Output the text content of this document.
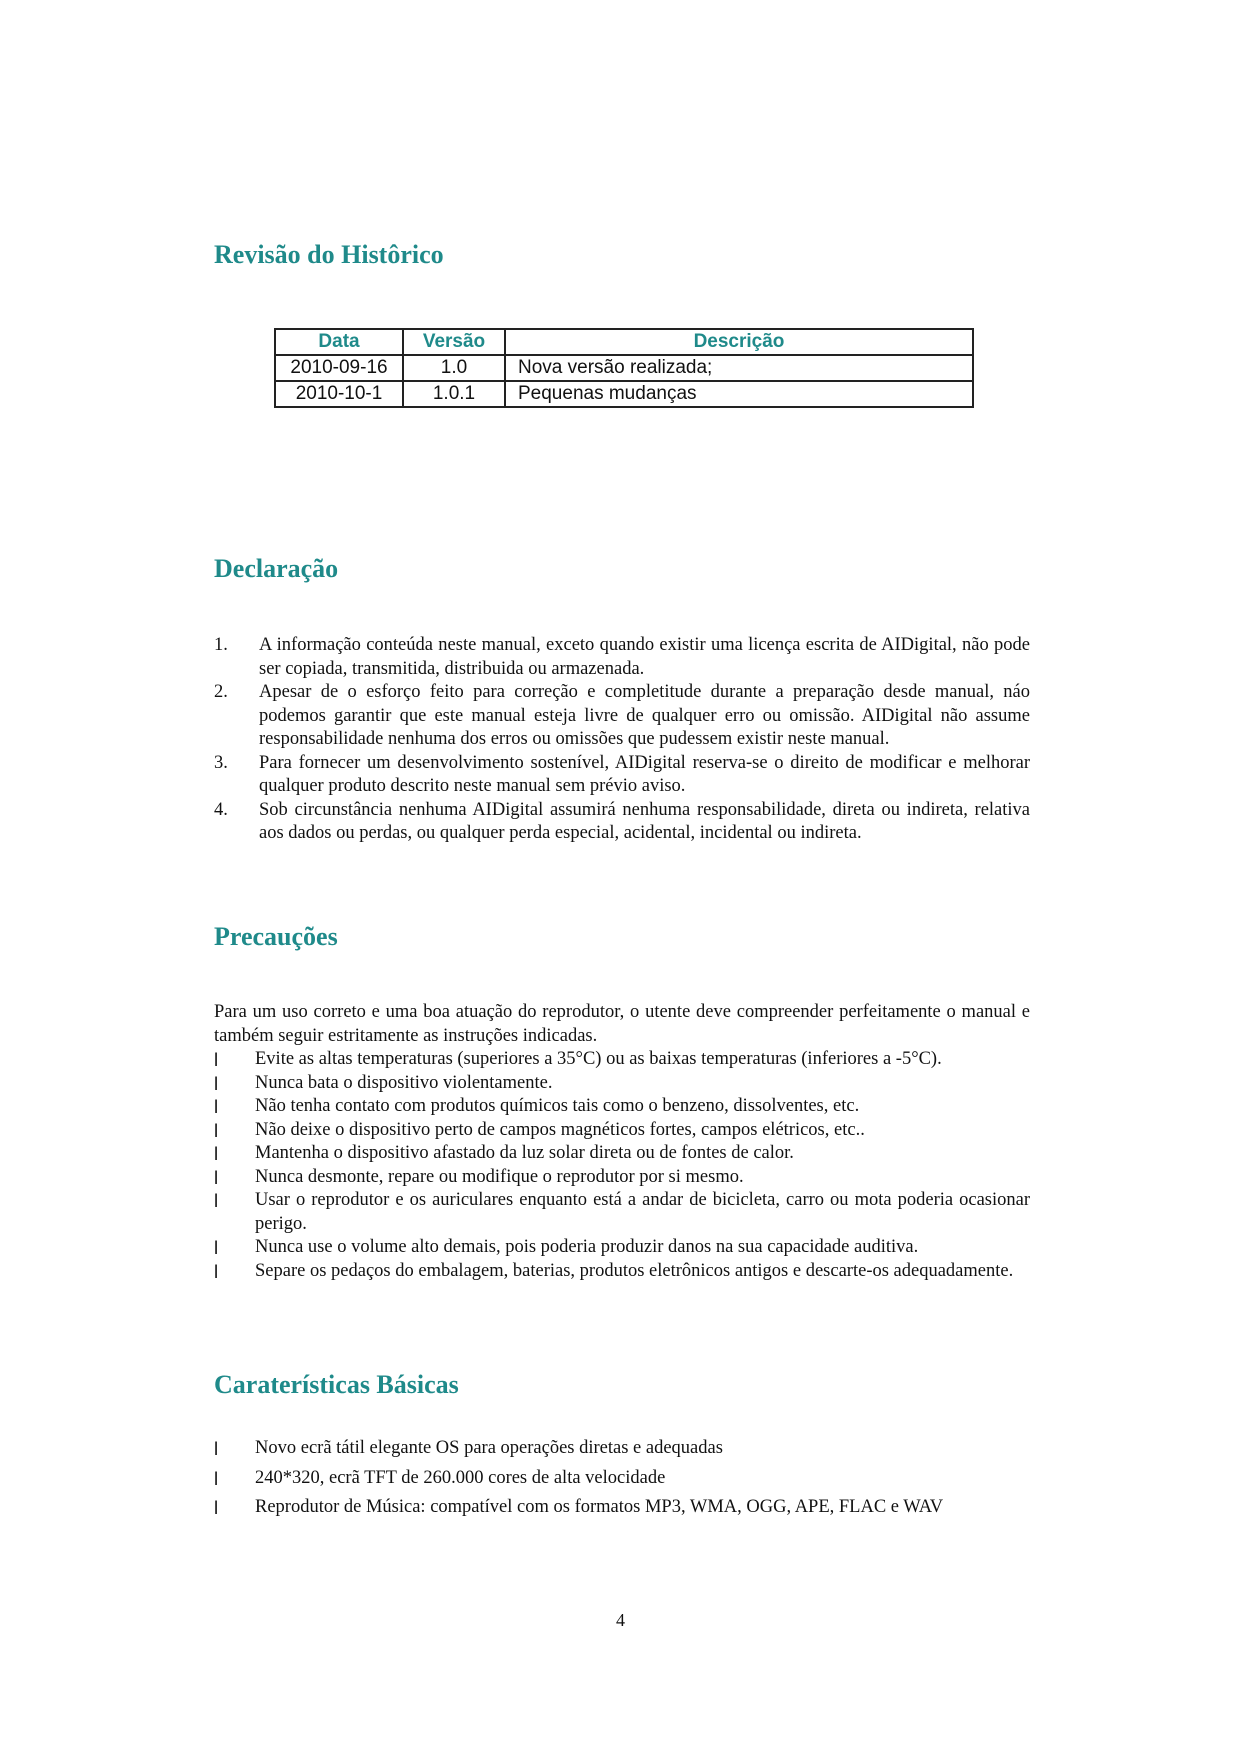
Revisão do Histôrico
Data	Versão	Descrição
2010-09-16	1.0	Nova versão realizada;
2010-10-1	1.0.1	Pequenas mudanças
Declaração
1. A informação conteúda neste manual, exceto quando existir uma licença escrita de AIDigital, não pode ser copiada, transmitida, distribuida ou armazenada.
2. Apesar de o esforço feito para correção e completitude durante a preparação desde manual, náo podemos garantir que este manual esteja livre de qualquer erro ou omissão. AIDigital não assume responsabilidade nenhuma dos erros ou omissões que pudessem existir neste manual.
3. Para fornecer um desenvolvimento sostenível, AIDigital reserva-se o direito de modificar e melhorar qualquer produto descrito neste manual sem prévio aviso.
4. Sob circunstância nenhuma AIDigital assumirá nenhuma responsabilidade, direta ou indireta, relativa aos dados ou perdas, ou qualquer perda especial, acidental, incidental ou indireta.
Precauções
Para um uso correto e uma boa atuação do reprodutor, o utente deve compreender perfeitamente o manual e também seguir estritamente as instruções indicadas.
l Evite as altas temperaturas (superiores a 35°C) ou as baixas temperaturas (inferiores a -5°C).
l Nunca bata o dispositivo violentamente.
l Não tenha contato com produtos químicos tais como o benzeno, dissolventes, etc.
l Não deixe o dispositivo perto de campos magnéticos fortes, campos elétricos, etc..
l Mantenha o dispositivo afastado da luz solar direta ou de fontes de calor.
l Nunca desmonte, repare ou modifique o reprodutor por si mesmo.
l Usar o reprodutor e os auriculares enquanto está a andar de bicicleta, carro ou mota poderia ocasionar perigo.
l Nunca use o volume alto demais, pois poderia produzir danos na sua capacidade auditiva.
l Separe os pedaços do embalagem, baterias, produtos eletrônicos antigos e descarte-os adequadamente.
Caraterísticas Básicas
l Novo ecrã tátil elegante OS para operações diretas e adequadas
l 240*320, ecrã TFT de 260.000 cores de alta velocidade
l Reprodutor de Música: compatível com os formatos MP3, WMA, OGG, APE, FLAC e WAV
4
